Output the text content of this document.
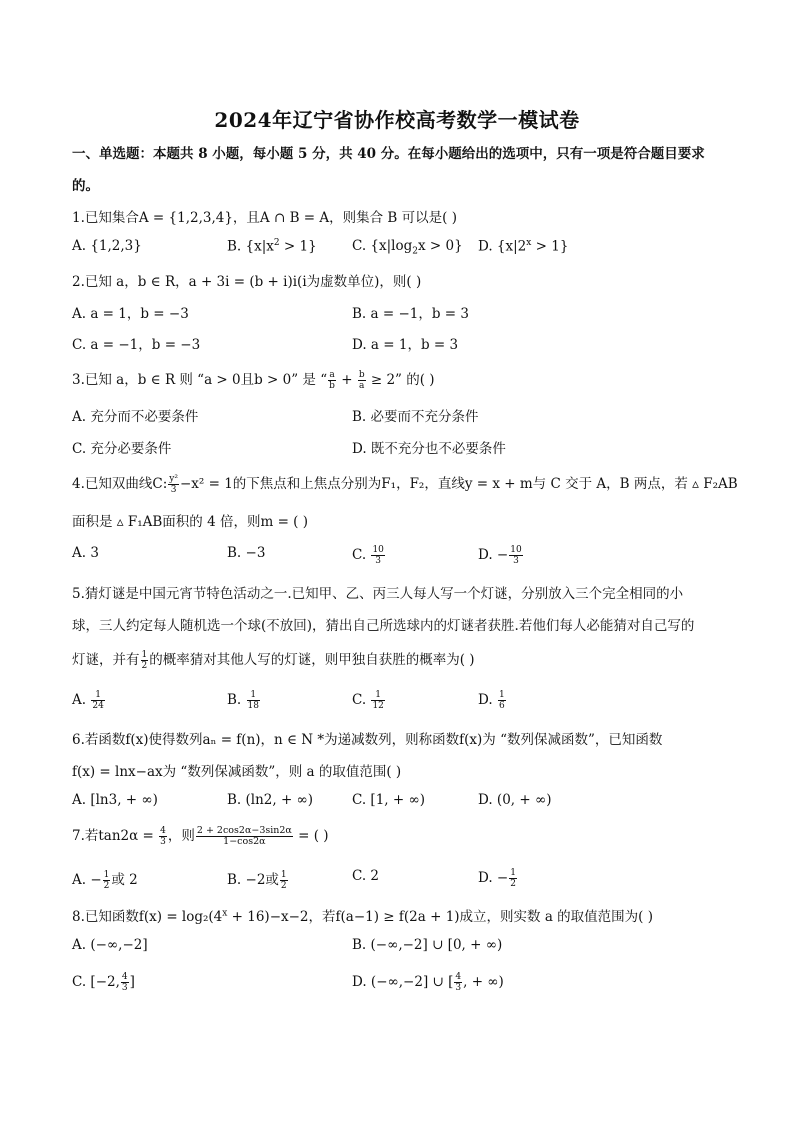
2024年辽宁省协作校高考数学一模试卷
一、单选题：本题共 8 小题，每小题 5 分，共 40 分。在每小题给出的选项中，只有一项是符合题目要求
的。
1.已知集合A = {1,2,3,4}，且A ∩ B = A，则集合 B 可以是( )
A. {1,2,3}	B. $\{x|x^2 > 1\}$	C. $\{x|\log_2x > 0\}$ D. $\{x|2^x > 1\}$
2.已知 a，b ∈ R，a + 3i = (b + i)i(i为虚数单位)，则( )
A. a = 1，b = −3	B. a = −1，b = 3
C. a = −1，b = −3	D. a = 1，b = 3
3.已知 a，b ∈ R 则 “a > 0且b > 0” 是 “ $\frac{a}{b} + \frac{b}{a} \ge 2$” 的( )
A. 充分而不必要条件	B. 必要而不充分条件
C. 充分必要条件	D. 既不充分也不必要条件
4.已知双曲线C: $\frac{\text{y²}}{3} -x^2 = 1$的下焦点和上焦点分别为F₁，F₂，直线y = x + m与 C 交于 A，B 两点，若 ▵ F₂AB
面积是 ▵ F₁AB面积的 4 倍，则m = ( )
A. 3	B. −3	C. $\frac{10}{3}$	D. − $\frac{10}{3}$
5.猜灯谜是中国元宵节特色活动之一.已知甲、乙、丙三人每人写一个灯谜，分别放入三个完全相同的小
球，三人约定每人随机选一个球(不放回)，猜出自己所选球内的灯谜者获胜.若他们每人必能猜对自己写的
灯谜，并有 $\frac{1}{2}$ 的概率猜对其他人写的灯谜，则甲独自获胜的概率为( )
A. $\frac{1}{24}$	B. $\frac{1}{18}$	C. $\frac{1}{12}$	D. $\frac{1}{6}$
6.若函数f(x)使得数列aₙ = f(n)，n ∈ N *为递减数列，则称函数f(x)为 “数列保减函数”，已知函数
f(x) = lnx−ax为 “数列保减函数”，则 a 的取值范围( )
A. [ln3, + ∞)	B. (ln2, + ∞)	C. [1, + ∞)	D. (0, + ∞)
7.若$\tan 2\alpha = \frac{4}{3}$ ，则 $\frac{2 + 2\cos 2\alpha-3\sin 2\alpha}{1-\cos 2\alpha}$ = ( )
A. − $\frac{1}{2}$ 或 2	B. −2或 $\frac{1}{2}$	C. 2	D. − $\frac{1}{2}$
8.已知函数$f(x) = \log_2(4^x + 16)-x-2$，若f(a−1) ≥ f(2a + 1)成立，则实数 a 的取值范围为( )
A. (−∞,−2]	B. (−∞,−2] ∪ [0, + ∞)
C. [−2, $\frac{4}{3}$ ]	D. (−∞,−2] ∪ [ $\frac{4}{3}$ , + ∞)
